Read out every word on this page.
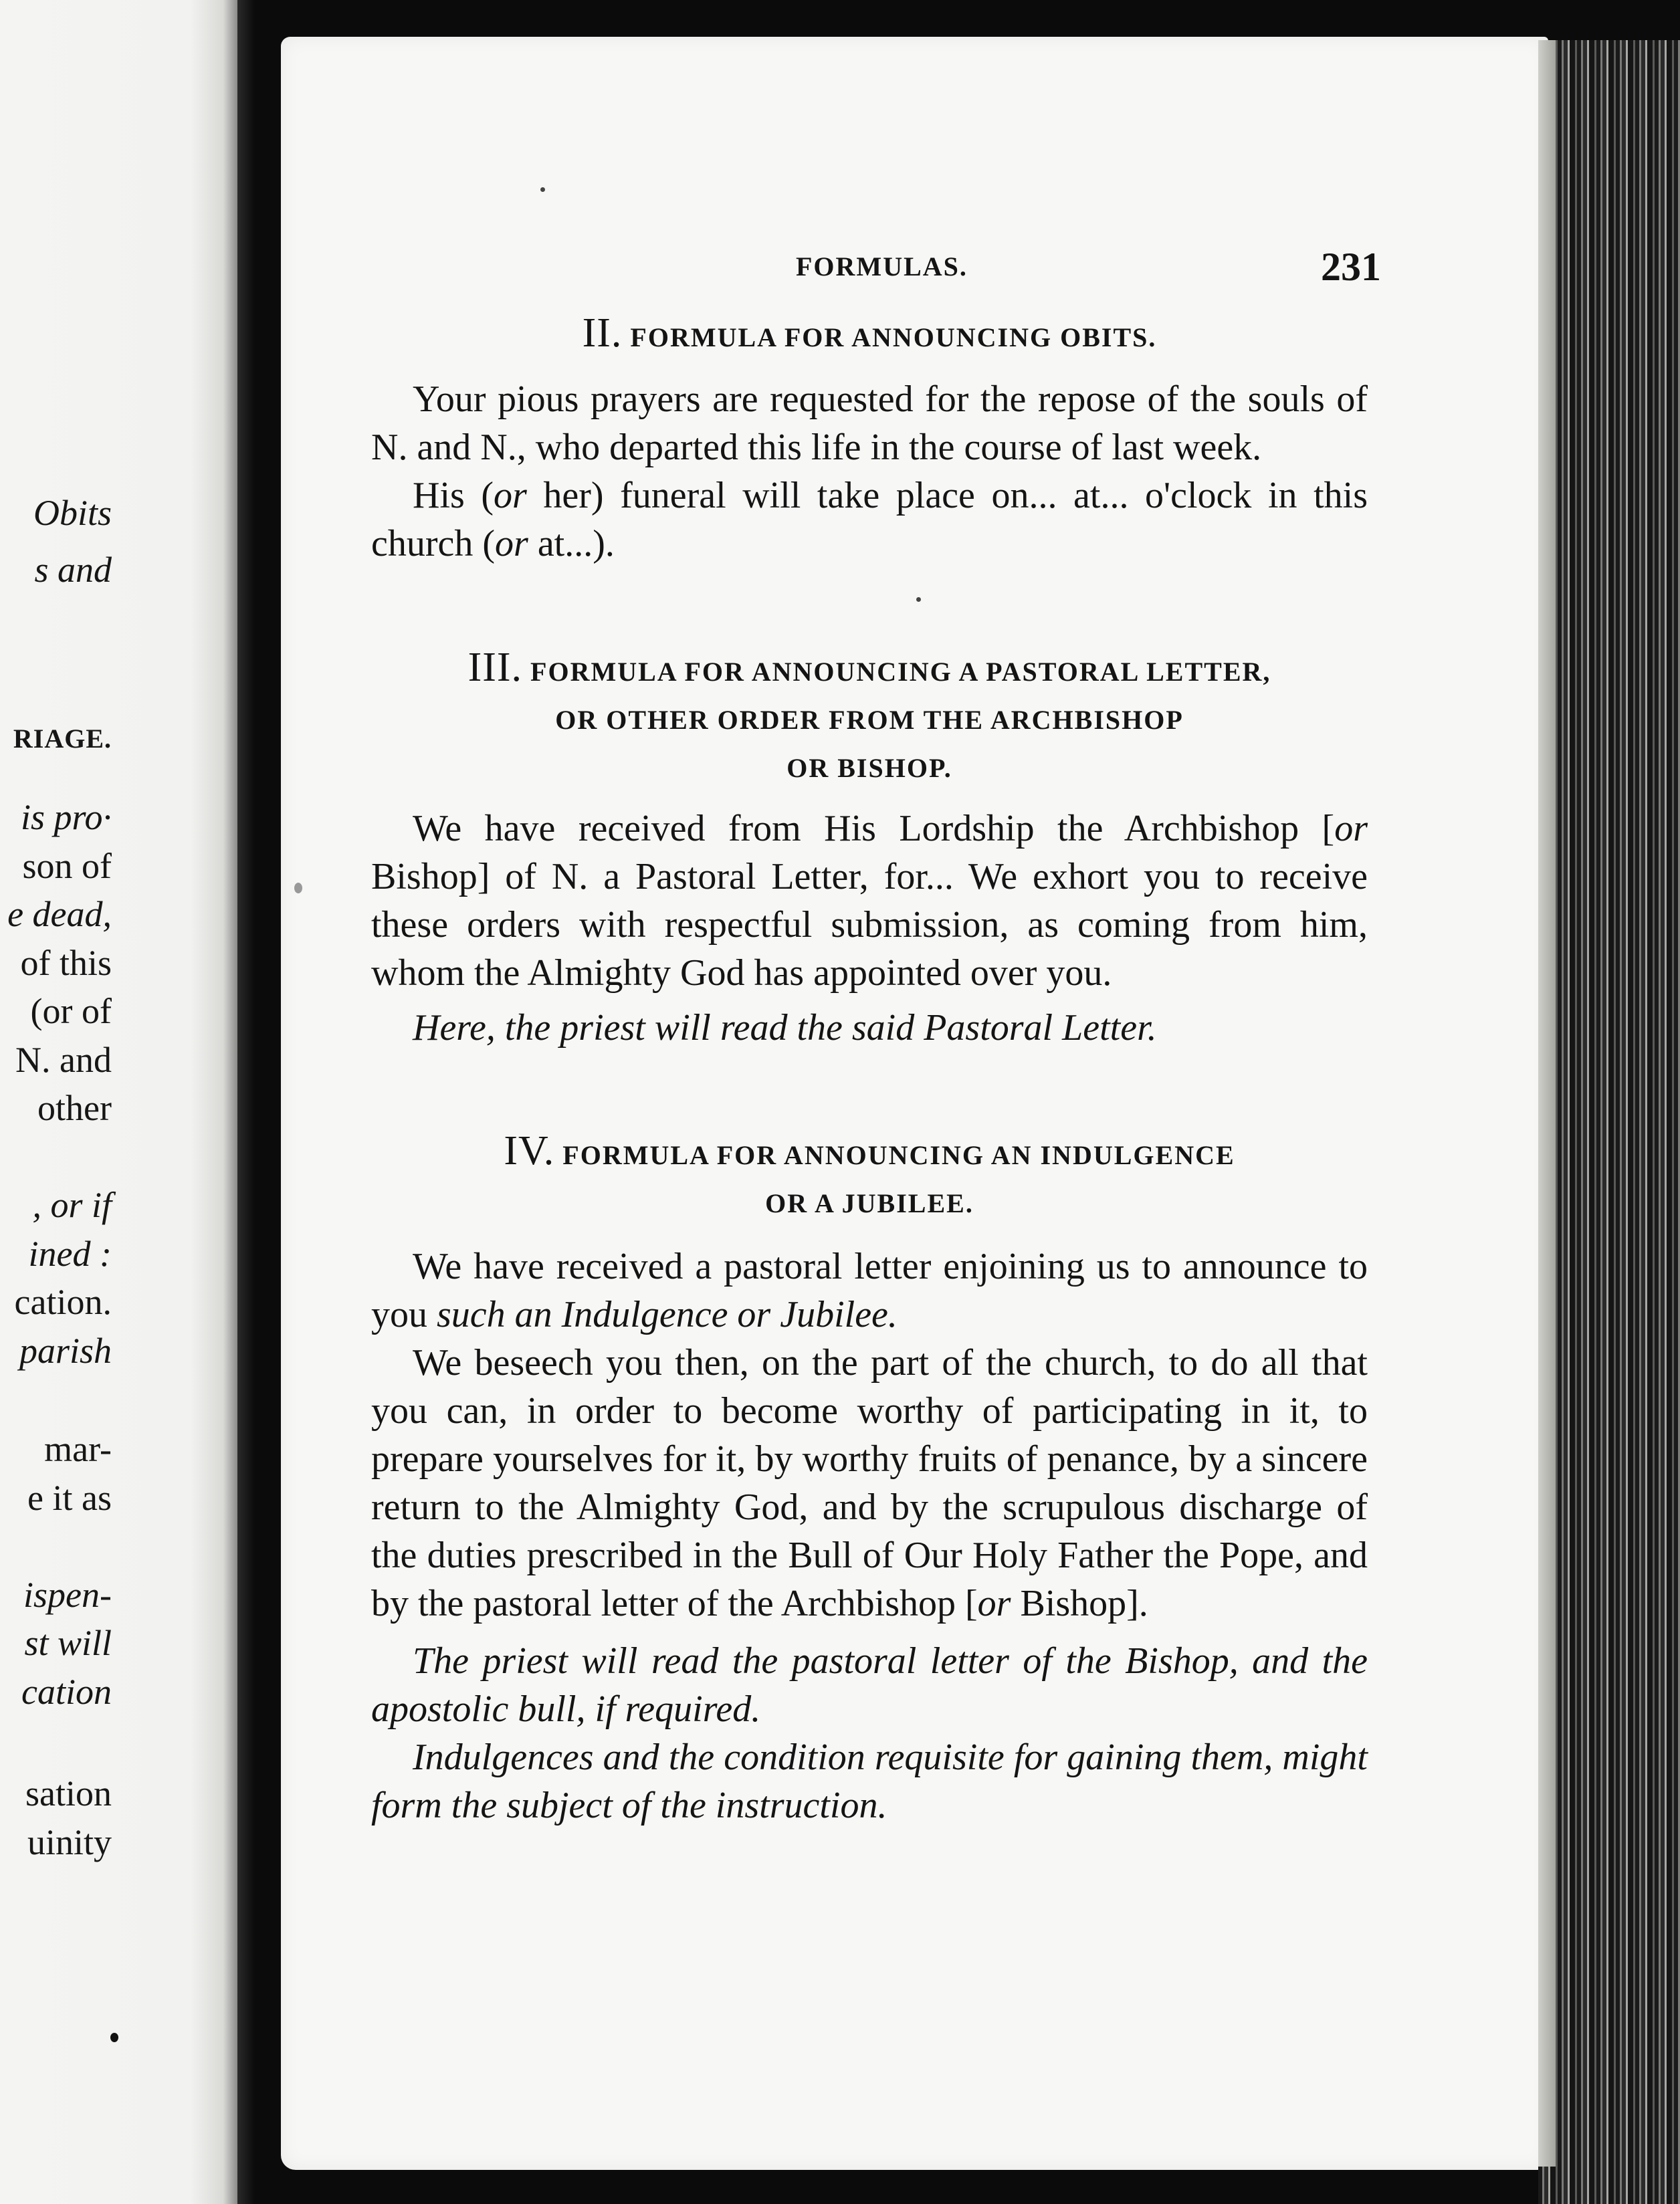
Obits
s and
RIAGE.
is pro·
son of
e dead,
of this
(or of
N. and
other
, or if
ined :
cation.
parish
mar-
e it as
ispen-
st will
cation
sation
uinity
FORMULAS.	231
II. FORMULA FOR ANNOUNCING OBITS.

Your pious prayers are requested for the repose of the souls of N. and N., who departed this life in the course of last week.

His (or her) funeral will take place on... at... o'clock in this church (or at...).

III. FORMULA FOR ANNOUNCING A PASTORAL LETTER,
OR OTHER ORDER FROM THE ARCHBISHOP
OR BISHOP.

We have received from His Lordship the Archbishop [or Bishop] of N. a Pastoral Letter, for... We exhort you to receive these orders with respectful submission, as coming from him, whom the Almighty God has appointed over you.

Here, the priest will read the said Pastoral Letter.

IV. FORMULA FOR ANNOUNCING AN INDULGENCE
OR A JUBILEE.

We have received a pastoral letter enjoining us to announce to you such an Indulgence or Jubilee.

We beseech you then, on the part of the church, to do all that you can, in order to become worthy of participating in it, to prepare yourselves for it, by worthy fruits of penance, by a sincere return to the Almighty God, and by the scrupulous discharge of the duties prescribed in the Bull of Our Holy Father the Pope, and by the pastoral letter of the Archbishop [or Bishop].

The priest will read the pastoral letter of the Bishop, and the apostolic bull, if required.

Indulgences and the condition requisite for gaining them, might form the subject of the instruction.
